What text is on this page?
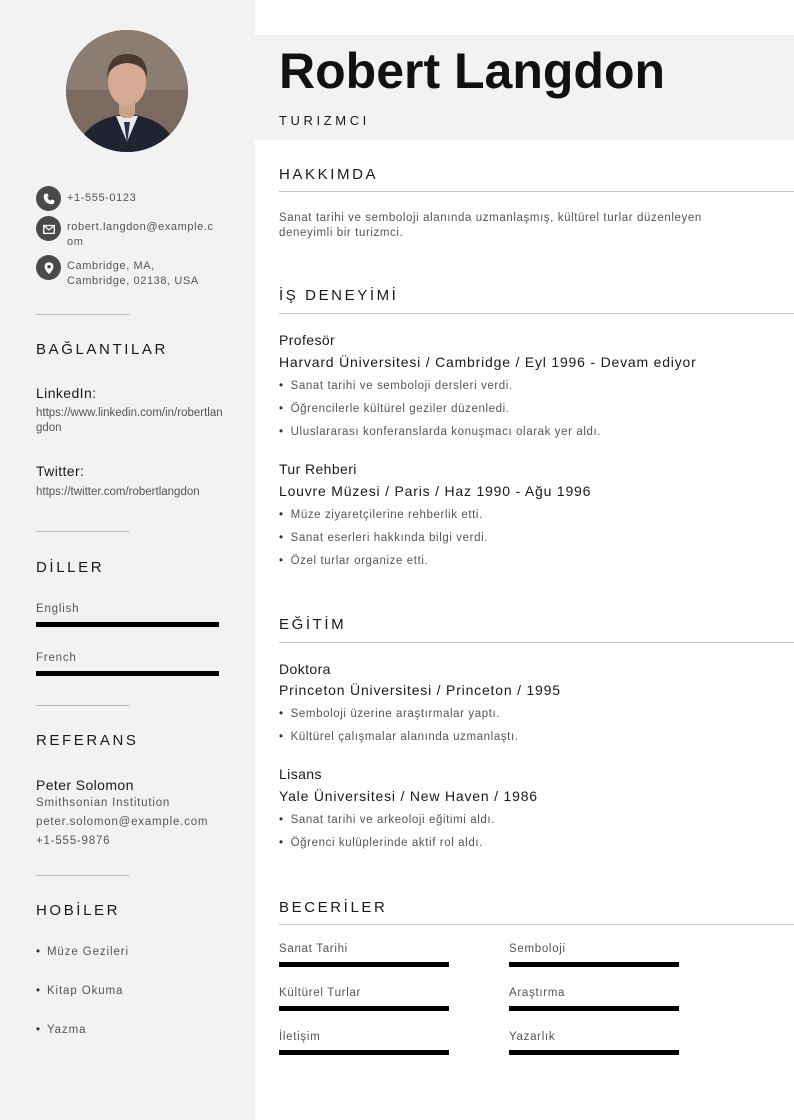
+1-555-0123
robert.langdon@example.com
Cambridge, MA, Cambridge, 02138, USA
BAĞLANTILAR
LinkedIn:
https://www.linkedin.com/in/robertlangdon
Twitter:
https://twitter.com/robertlangdon
DİLLER
English
French
REFERANS
Peter Solomon
Smithsonian Institution
peter.solomon@example.com
+1-555-9876
HOBİLER
• Müze Gezileri
• Kitap Okuma
• Yazma
Robert Langdon
TURIZMCI
HAKKIMDA

Sanat tarihi ve semboloji alanında uzmanlaşmış, kültürel turlar düzenleyen deneyimli bir turizmci.

İŞ DENEYİMİ
Profesör
Harvard Üniversitesi / Cambridge / Eyl 1996 - Devam ediyor
• Sanat tarihi ve semboloji dersleri verdi.
• Öğrencilerle kültürel geziler düzenledi.
• Uluslararası konferanslarda konuşmacı olarak yer aldı.
Tur Rehberi
Louvre Müzesi / Paris / Haz 1990 - Ağu 1996
• Müze ziyaretçilerine rehberlik etti.
• Sanat eserleri hakkında bilgi verdi.
• Özel turlar organize etti.
EĞİTİM
Doktora
Princeton Üniversitesi / Princeton / 1995
• Semboloji üzerine araştırmalar yaptı.
• Kültürel çalışmalar alanında uzmanlaştı.
Lisans
Yale Üniversitesi / New Haven / 1986
• Sanat tarihi ve arkeoloji eğitimi aldı.
• Öğrenci kulüplerinde aktif rol aldı.
BECERİLER
Sanat Tarihi	Semboloji
Kültürel Turlar	Araştırma
İletişim	Yazarlık
